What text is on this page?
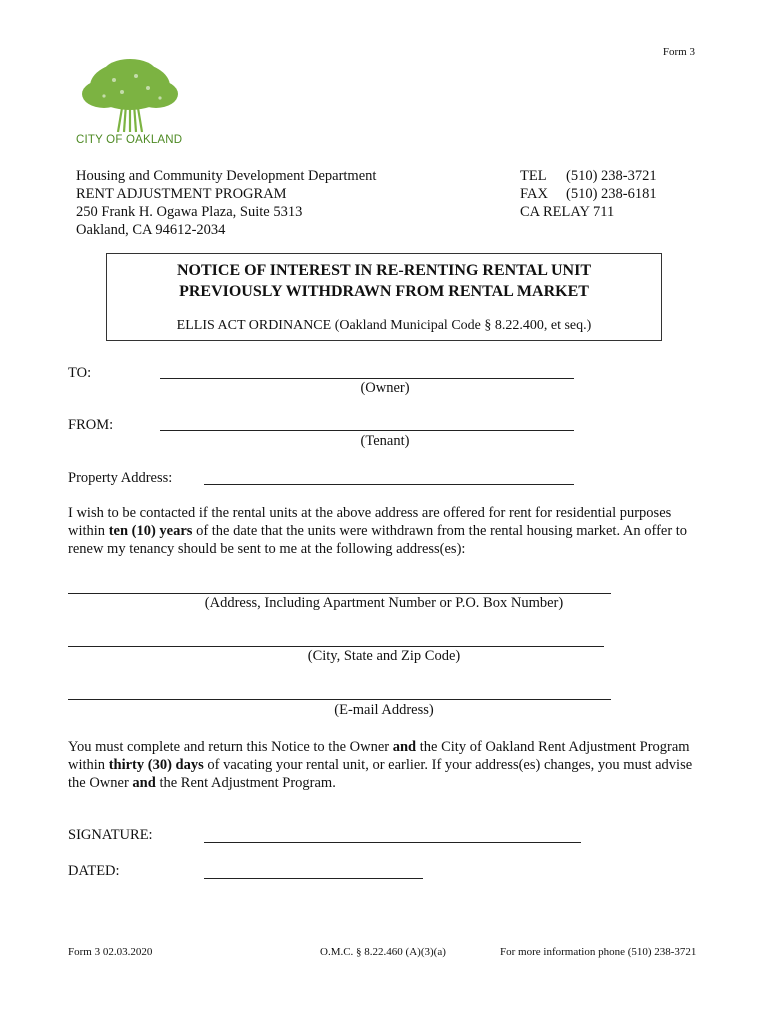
Form 3
CITY OF OAKLAND
Housing and Community Development Department
RENT ADJUSTMENT PROGRAM
250 Frank H. Ogawa Plaza, Suite 5313
Oakland, CA 94612-2034
TEL (510) 238-3721
FAX (510) 238-6181
CA RELAY 711
NOTICE OF INTEREST IN RE-RENTING RENTAL UNIT
PREVIOUSLY WITHDRAWN FROM RENTAL MARKET
ELLIS ACT ORDINANCE (Oakland Municipal Code § 8.22.400, et seq.)
TO:
(Owner)
FROM:
(Tenant)
Property Address:
I wish to be contacted if the rental units at the above address are offered for rent for residential purposes within ten (10) years of the date that the units were withdrawn from the rental housing market. An offer to renew my tenancy should be sent to me at the following address(es):
(Address, Including Apartment Number or P.O. Box Number)
(City, State and Zip Code)
(E-mail Address)
You must complete and return this Notice to the Owner and the City of Oakland Rent Adjustment Program within thirty (30) days of vacating your rental unit, or earlier. If your address(es) changes, you must advise the Owner and the Rent Adjustment Program.
SIGNATURE:
DATED:
Form 3 02.03.2020	O.M.C. § 8.22.460 (A)(3)(a)	For more information phone (510) 238-3721
